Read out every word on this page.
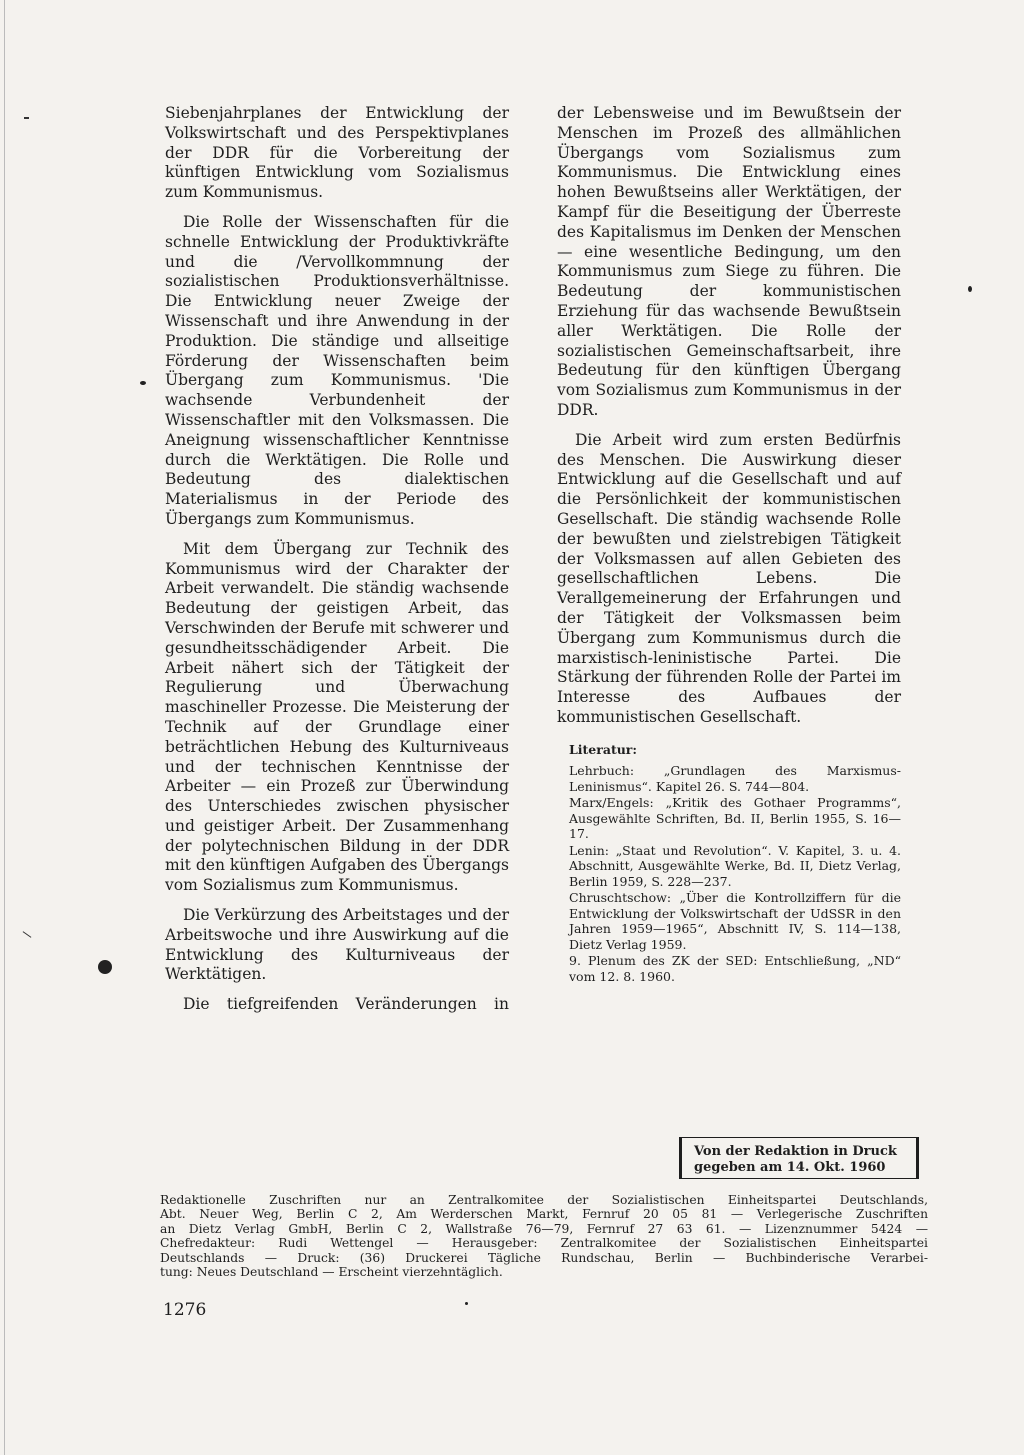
Siebenjahrplanes der Entwicklung der Volkswirtschaft und des Perspektivplanes der DDR für die Vorbereitung der künftigen Entwicklung vom Sozialismus zum Kommunismus.

Die Rolle der Wissenschaften für die schnelle Entwicklung der Produktivkräfte und die /Vervollkommnung der sozialistischen Produktionsverhältnisse. Die Entwicklung neuer Zweige der Wissenschaft und ihre Anwendung in der Produktion. Die ständige und allseitige Förderung der Wissenschaften beim Übergang zum Kommunismus. 'Die wachsende Verbundenheit der Wissenschaftler mit den Volksmassen. Die Aneignung wissenschaftlicher Kenntnisse durch die Werktätigen. Die Rolle und Bedeutung des dialektischen Materialismus in der Periode des Übergangs zum Kommunismus.

Mit dem Übergang zur Technik des Kommunismus wird der Charakter der Arbeit verwandelt. Die ständig wachsende Bedeutung der geistigen Arbeit, das Verschwinden der Berufe mit schwerer und gesundheitsschädigender Arbeit. Die Arbeit nähert sich der Tätigkeit der Regulierung und Überwachung maschineller Prozesse. Die Meisterung der Technik auf der Grundlage einer beträchtlichen Hebung des Kulturniveaus und der technischen Kenntnisse der Arbeiter — ein Prozeß zur Überwindung des Unterschiedes zwischen physischer und geistiger Arbeit. Der Zusammenhang der polytechnischen Bildung in der DDR mit den künftigen Aufgaben des Übergangs vom Sozialismus zum Kommunismus.

Die Verkürzung des Arbeitstages und der Arbeitswoche und ihre Auswirkung auf die Entwicklung des Kulturniveaus der Werktätigen.

Die tiefgreifenden Veränderungen in

der Lebensweise und im Bewußtsein der Menschen im Prozeß des allmählichen Übergangs vom Sozialismus zum Kommunismus. Die Entwicklung eines hohen Bewußtseins aller Werktätigen, der Kampf für die Beseitigung der Überreste des Kapitalismus im Denken der Menschen — eine wesentliche Bedingung, um den Kommunismus zum Siege zu führen. Die Bedeutung der kommunistischen Erziehung für das wachsende Bewußtsein aller Werktätigen. Die Rolle der sozialistischen Gemeinschaftsarbeit, ihre Bedeutung für den künftigen Übergang vom Sozialismus zum Kommunismus in der DDR.

Die Arbeit wird zum ersten Bedürfnis des Menschen. Die Auswirkung dieser Entwicklung auf die Gesellschaft und auf die Persönlichkeit der kommunistischen Gesellschaft. Die ständig wachsende Rolle der bewußten und zielstrebigen Tätigkeit der Volksmassen auf allen Gebieten des gesellschaftlichen Lebens. Die Verallgemeinerung der Erfahrungen und der Tätigkeit der Volksmassen beim Übergang zum Kommunismus durch die marxistisch-leninistische Partei. Die Stärkung der führenden Rolle der Partei im Interesse des Aufbaues der kommunistischen Gesellschaft.

Literatur:
Lehrbuch: „Grundlagen des Marxismus-Leninismus“. Kapitel 26. S. 744—804.
Marx/Engels: „Kritik des Gothaer Programms“, Ausgewählte Schriften, Bd. II, Berlin 1955, S. 16—17.
Lenin: „Staat und Revolution“. V. Kapitel, 3. u. 4. Abschnitt, Ausgewählte Werke, Bd. II, Dietz Verlag, Berlin 1959, S. 228—237.
Chruschtschow: „Über die Kontrollziffern für die Entwicklung der Volkswirtschaft der UdSSR in den Jahren 1959—1965“, Abschnitt IV, S. 114—138, Dietz Verlag 1959.
9. Plenum des ZK der SED: Entschließung, „ND“ vom 12. 8. 1960.
Von der Redaktion in Druck
gegeben am 14. Okt. 1960
Redaktionelle Zuschriften nur an Zentralkomitee der Sozialistischen Einheitspartei Deutschlands,
Abt. Neuer Weg, Berlin C 2, Am Werderschen Markt, Fernruf 20 05 81 — Verlegerische Zuschriften
an Dietz Verlag GmbH, Berlin C 2, Wallstraße 76—79, Fernruf 27 63 61. — Lizenznummer 5424 —
Chefredakteur: Rudi Wettengel — Herausgeber: Zentralkomitee der Sozialistischen Einheitspartei
Deutschlands — Druck: (36) Druckerei Tägliche Rundschau, Berlin — Buchbinderische Verarbei-
tung: Neues Deutschland — Erscheint vierzehntäglich.
1276
